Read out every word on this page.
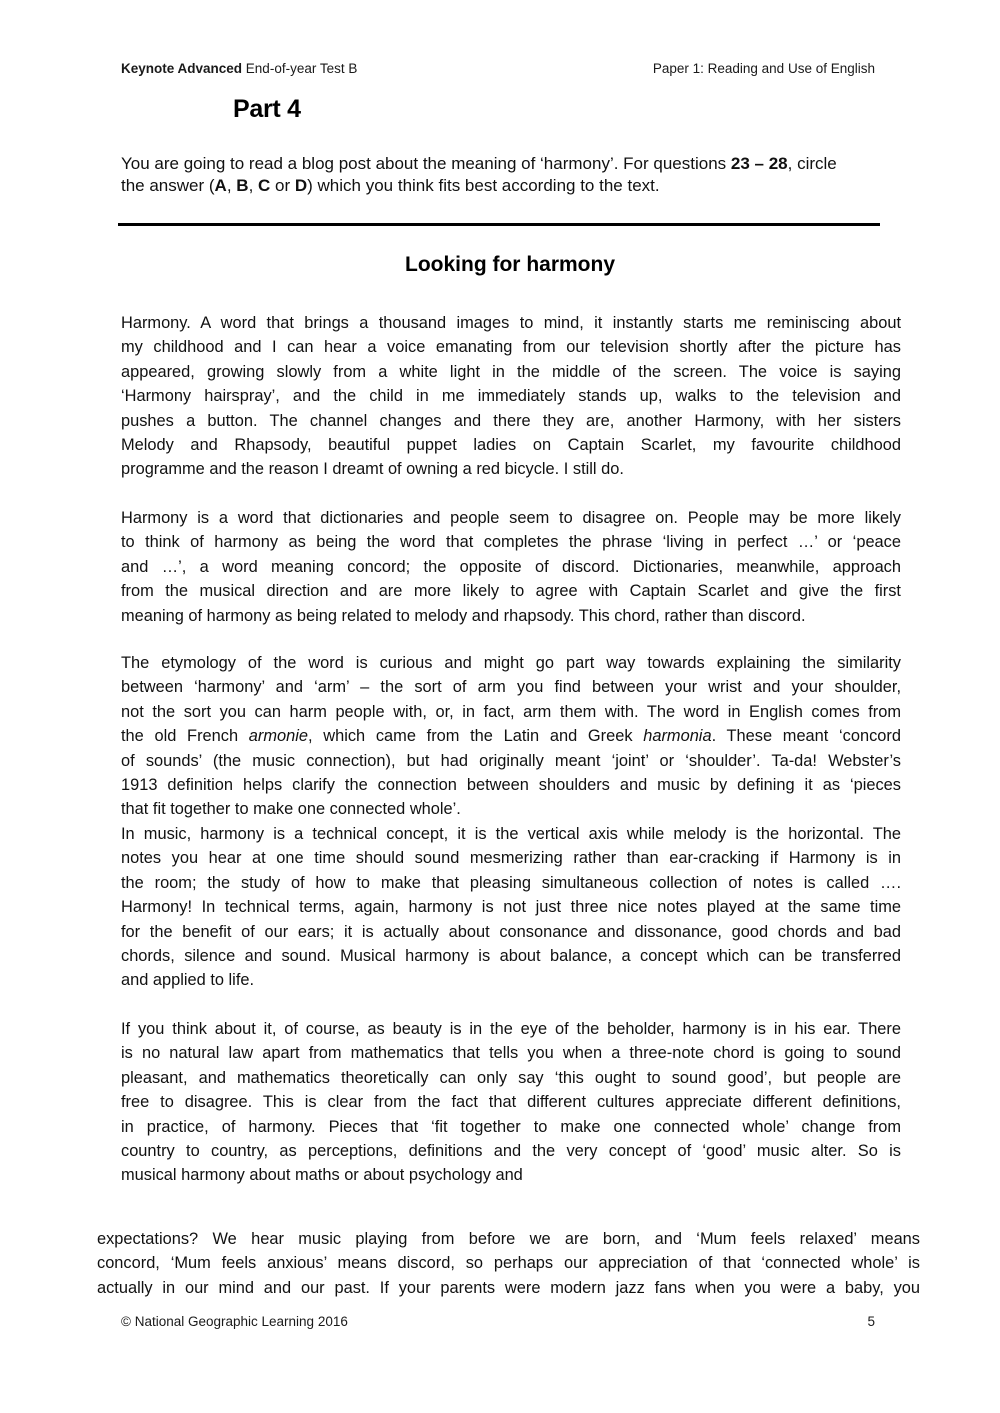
Keynote Advanced End-of-year Test B	Paper 1: Reading and Use of English
Part 4
You are going to read a blog post about the meaning of ‘harmony’. For questions 23 – 28, circle the answer (A, B, C or D) which you think fits best according to the text.
Looking for harmony
Harmony. A word that brings a thousand images to mind, it instantly starts me reminiscing about
my childhood and I can hear a voice emanating from our television shortly after the picture has
appeared, growing slowly from a white light in the middle of the screen. The voice is saying
‘Harmony hairspray’, and the child in me immediately stands up, walks to the television and
pushes a button. The channel changes and there they are, another Harmony, with her sisters
Melody and Rhapsody, beautiful puppet ladies on Captain Scarlet, my favourite childhood
programme and the reason I dreamt of owning a red bicycle. I still do.
Harmony is a word that dictionaries and people seem to disagree on. People may be more likely
to think of harmony as being the word that completes the phrase ‘living in perfect …’ or ‘peace
and …’, a word meaning concord; the opposite of discord. Dictionaries, meanwhile, approach
from the musical direction and are more likely to agree with Captain Scarlet and give the first
meaning of harmony as being related to melody and rhapsody. This chord, rather than discord.
The etymology of the word is curious and might go part way towards explaining the similarity
between ‘harmony’ and ‘arm’ – the sort of arm you find between your wrist and your shoulder,
not the sort you can harm people with, or, in fact, arm them with. The word in English comes from
the old French armonie, which came from the Latin and Greek harmonia. These meant ‘concord
of sounds’ (the music connection), but had originally meant ‘joint’ or ‘shoulder’. Ta-da! Webster’s
1913 definition helps clarify the connection between shoulders and music by defining it as ‘pieces
that fit together to make one connected whole’.
In music, harmony is a technical concept, it is the vertical axis while melody is the horizontal. The
notes you hear at one time should sound mesmerizing rather than ear-cracking if Harmony is in
the room; the study of how to make that pleasing simultaneous collection of notes is called ….
Harmony! In technical terms, again, harmony is not just three nice notes played at the same time
for the benefit of our ears; it is actually about consonance and dissonance, good chords and bad
chords, silence and sound. Musical harmony is about balance, a concept which can be transferred
and applied to life.
If you think about it, of course, as beauty is in the eye of the beholder, harmony is in his ear. There
is no natural law apart from mathematics that tells you when a three-note chord is going to sound
pleasant, and mathematics theoretically can only say ‘this ought to sound good’, but people are
free to disagree. This is clear from the fact that different cultures appreciate different definitions,
in practice, of harmony. Pieces that ‘fit together to make one connected whole’ change from
country to country, as perceptions, definitions and the very concept of ‘good’ music alter. So is
musical harmony about maths or about psychology and
expectations? We hear music playing from before we are born, and ‘Mum feels relaxed’ means
concord, ‘Mum feels anxious’ means discord, so perhaps our appreciation of that ‘connected whole’ is
actually in our mind and our past. If your parents were modern jazz fans when you were a baby, you
© National Geographic Learning 2016	5
